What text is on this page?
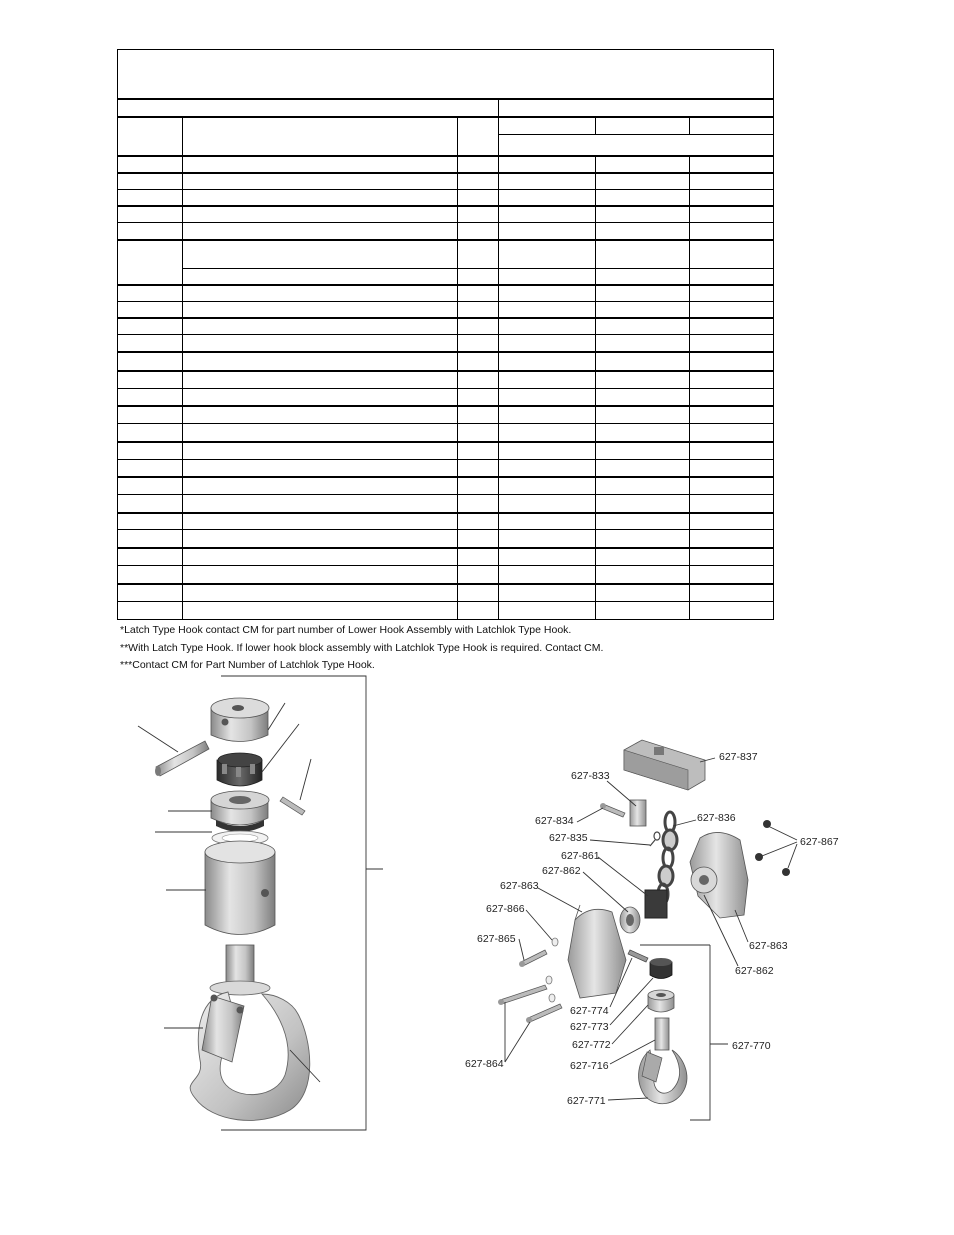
*Latch Type Hook contact CM for part number of Lower Hook Assembly with Latchlok Type Hook.
**With Latch Type Hook. If lower hook block assembly with Latchlok Type Hook is required. Contact CM.
***Contact CM for Part Number of Latchlok Type Hook.
627-837
627-833
627-834	627-836
627-835	627-867
627-861
627-862
627-863
627-866
627-865
627-863
627-862
627-864
627-774
627-773
627-772	627-770
627-716
627-771
